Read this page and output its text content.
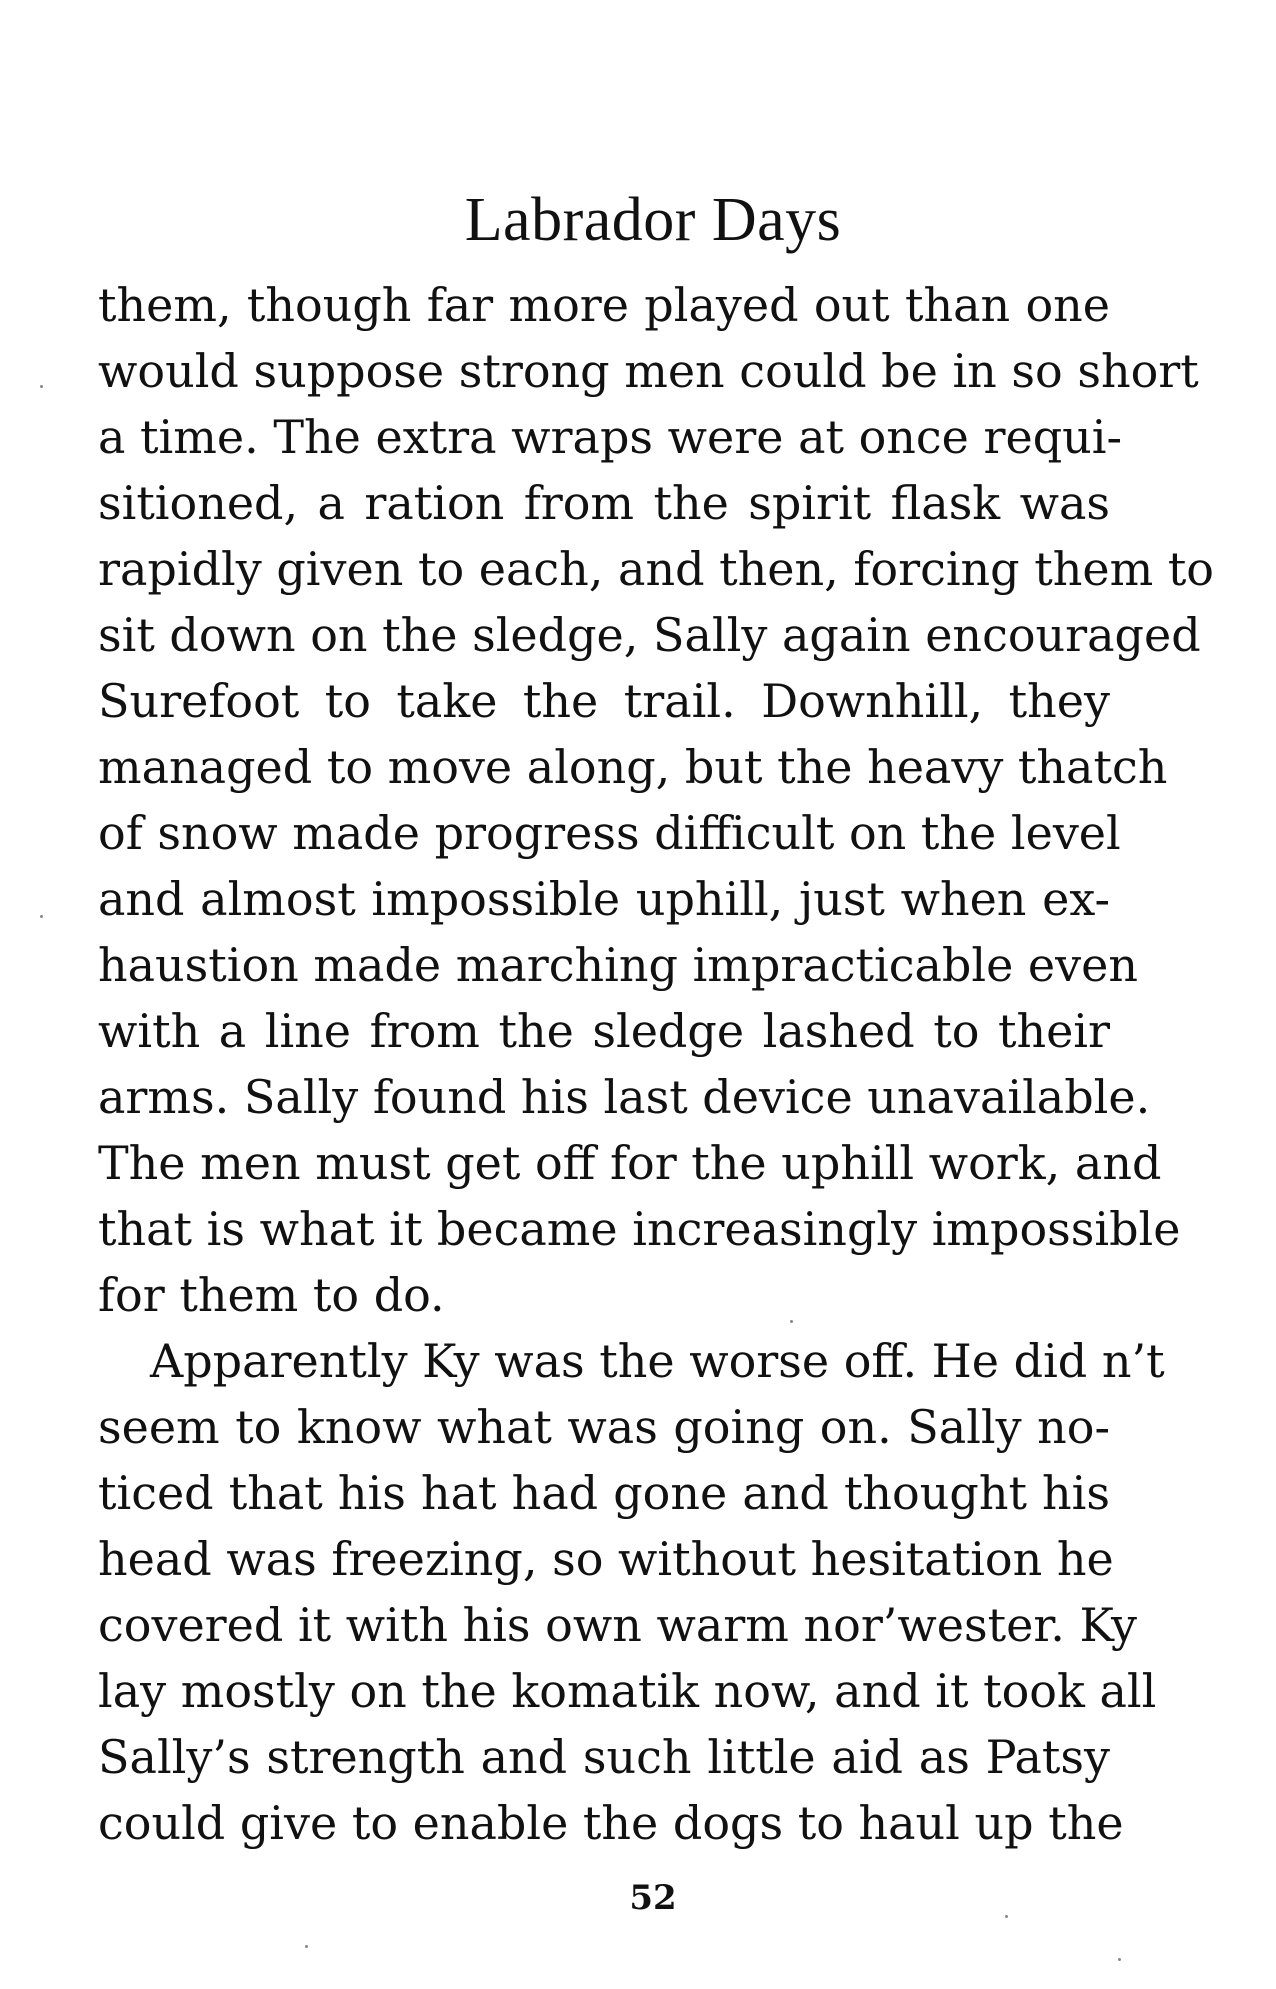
Labrador Days
them, though far more played out than one
would suppose strong men could be in so short
a time. The extra wraps were at once requi-
sitioned, a ration from the spirit flask was
rapidly given to each, and then, forcing them to
sit down on the sledge, Sally again encouraged
Surefoot to take the trail. Downhill, they
managed to move along, but the heavy thatch
of snow made progress difficult on the level
and almost impossible uphill, just when ex-
haustion made marching impracticable even
with a line from the sledge lashed to their
arms. Sally found his last device unavailable.
The men must get off for the uphill work, and
that is what it became increasingly impossible
for them to do.
Apparently Ky was the worse off. He did n’t
seem to know what was going on. Sally no-
ticed that his hat had gone and thought his
head was freezing, so without hesitation he
covered it with his own warm nor’wester. Ky
lay mostly on the komatik now, and it took all
Sally’s strength and such little aid as Patsy
could give to enable the dogs to haul up the
52
